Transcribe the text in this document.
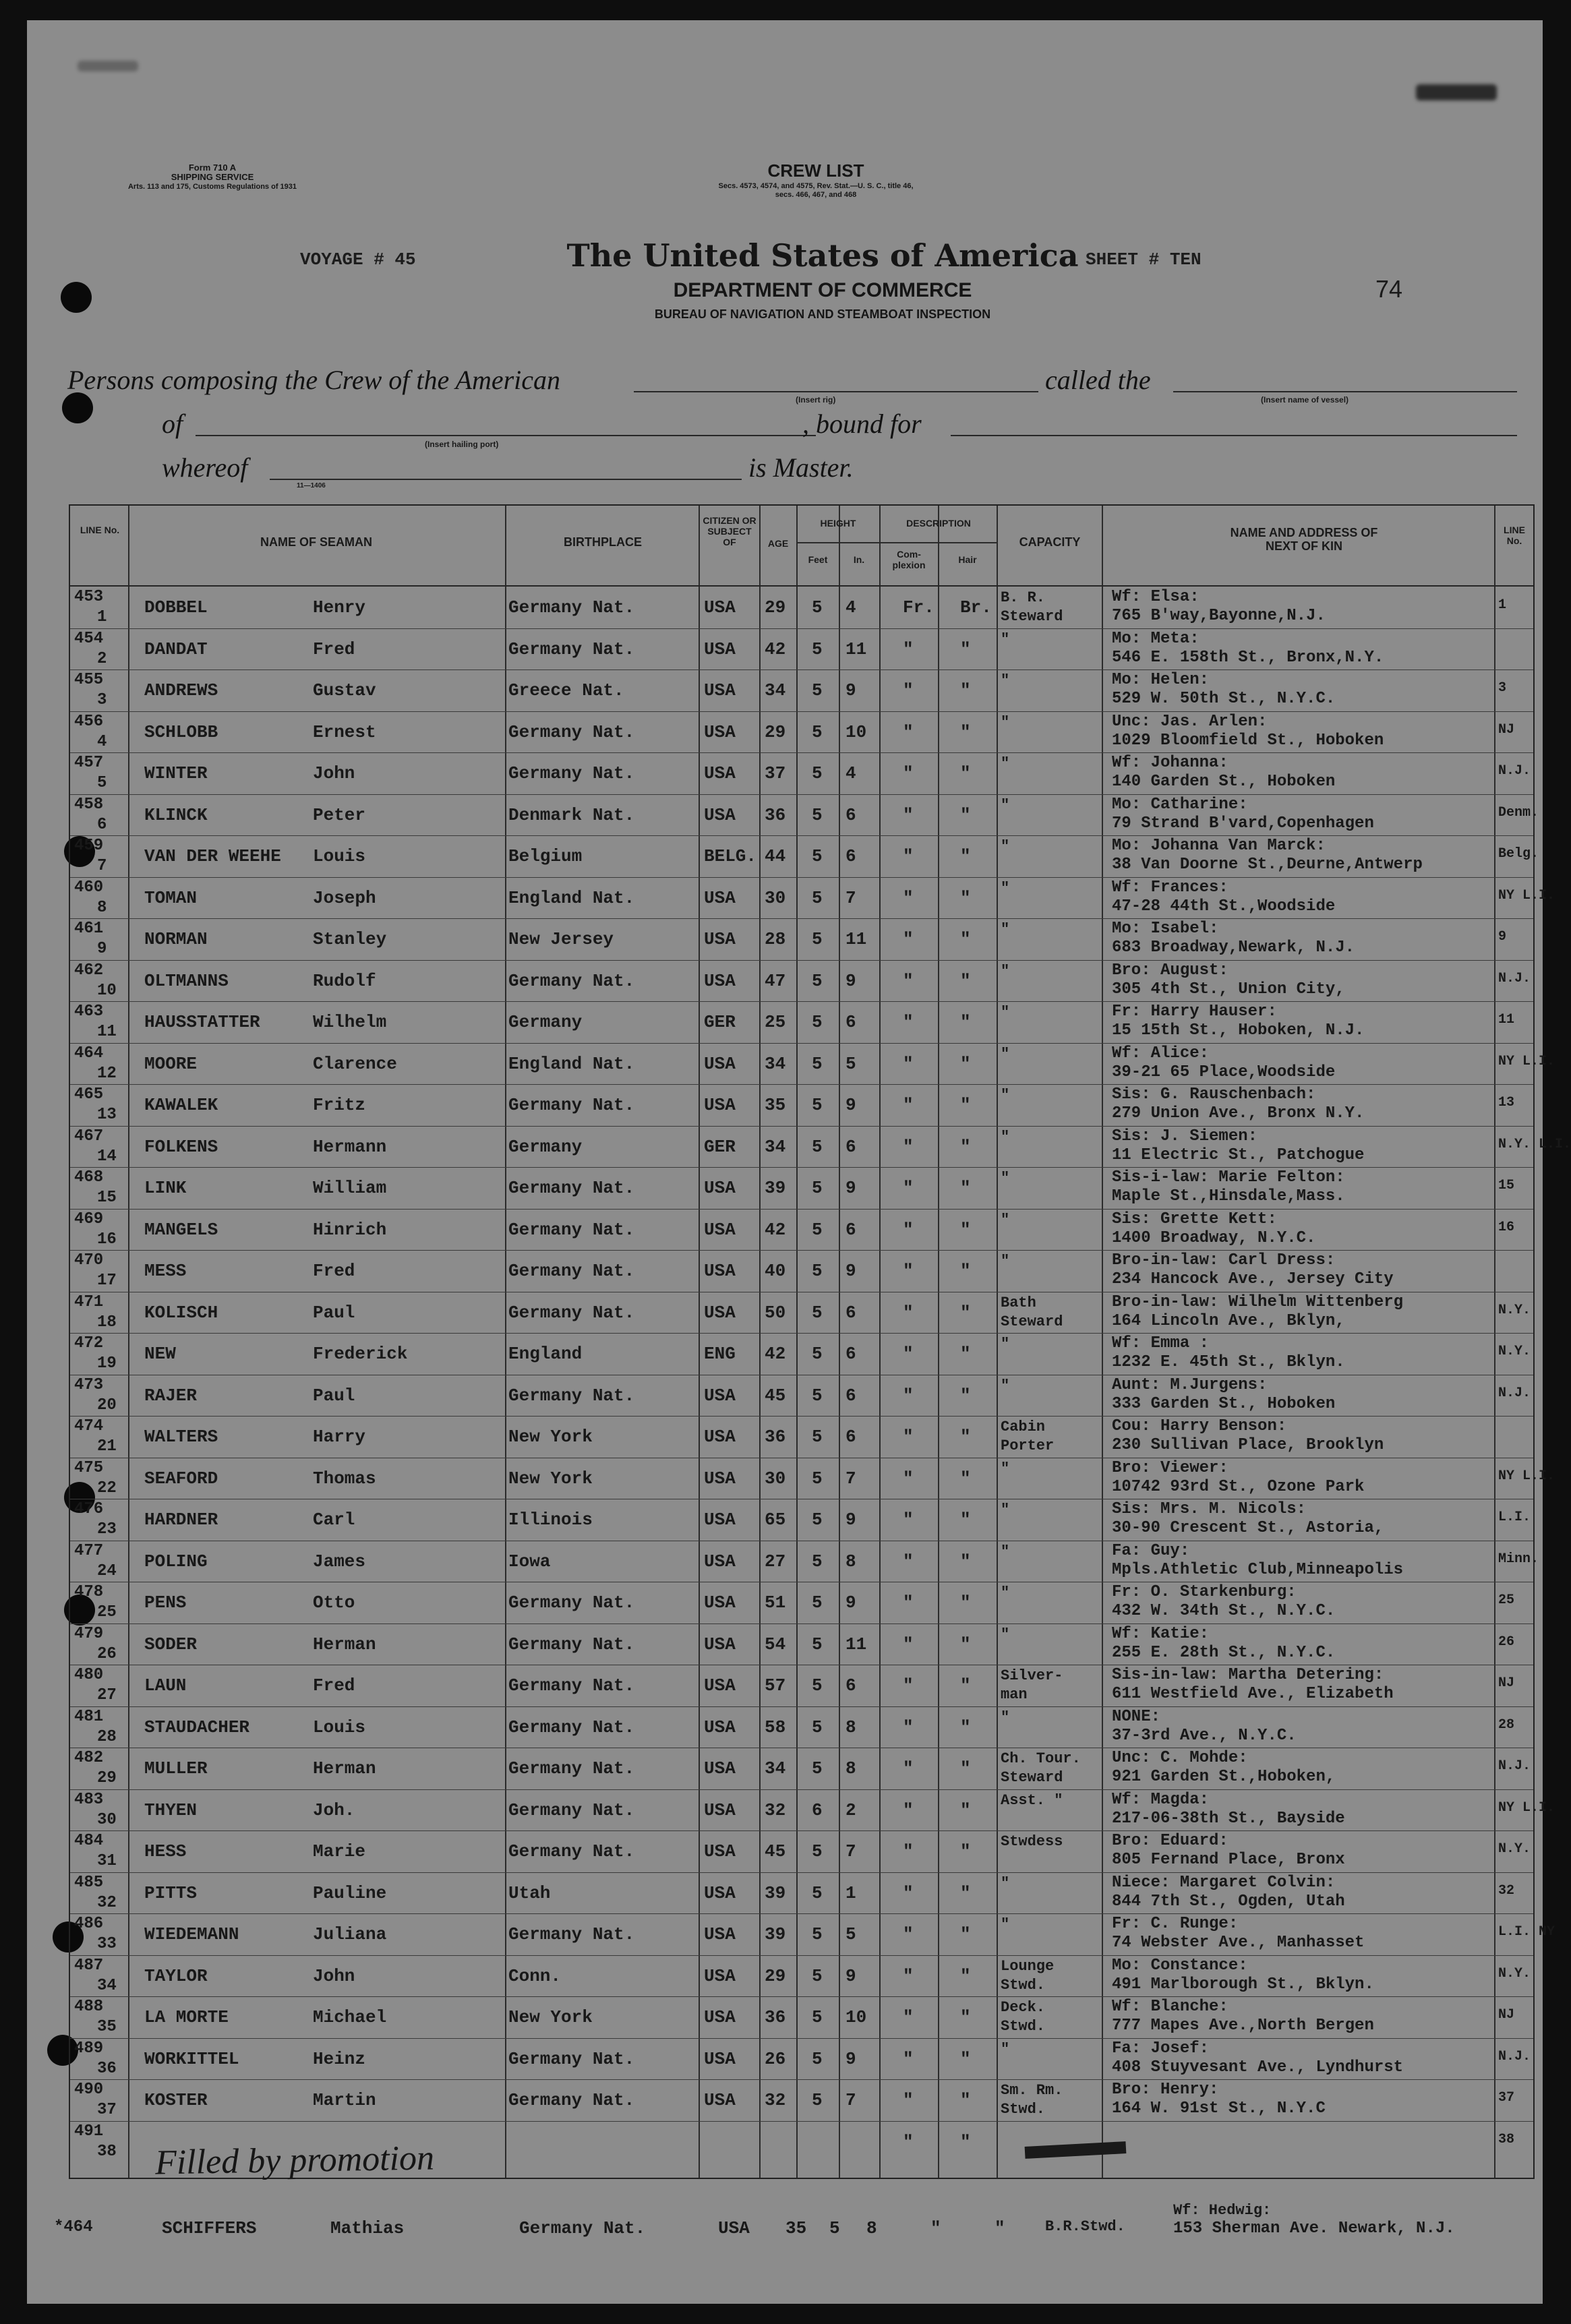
Form 710 A
SHIPPING SERVICE
Arts. 113 and 175, Customs Regulations of 1931
CREW LIST
Secs. 4573, 4574, and 4575, Rev. Stat.—U. S. C., title 46,
secs. 466, 467, and 468
VOYAGE # 45	The United States of America SHEET # TEN
74
DEPARTMENT OF COMMERCE
BUREAU OF NAVIGATION AND STEAMBOAT INSPECTION
Persons composing the Crew of the American
(Insert rig)
called the
(Insert name of vessel)
of
(Insert hailing port)
, bound for
whereof
11—1406
is Master.
LINE No.
NAME OF SEAMAN	BIRTHPLACE
CITIZEN OR SUBJECT OF	AGE
HEIGHT
Feet	In.
DESCRIPTION
Com- plexion	Hair
CAPACITY
NAME AND ADDRESS OF NEXT OF KIN
LINE No.
453
1 DOBBEL	Henry	Germany Nat.	USA 29 5 4	Fr. Br. B. R.
Steward
Wf: Elsa:
765 B'way,Bayonne,N.J.
1
454
2 DANDAT	Fred	Germany Nat.	USA 42 5 11 "	" "	Mo: Meta:
546 E. 158th St., Bronx,N.Y.
455
3 ANDREWS	Gustav	Greece Nat.	USA 34 5 9	"	" "	Mo: Helen:
529 W. 50th St., N.Y.C.
3
456
4 SCHLOBB	Ernest	Germany Nat.	USA 29 5 10 "	" "	Unc: Jas. Arlen:
1029 Bloomfield St., Hoboken
NJ
457
5 WINTER	John	Germany Nat.	USA 37 5 4	"	" "	Wf: Johanna:
140 Garden St., Hoboken
N.J.
458
6 KLINCK	Peter	Denmark Nat.	USA 36 5 6	"	" "	Mo: Catharine:
79 Strand B'vard,Copenhagen
Denm.
459
7 VAN DER WEEHE Louis	Belgium	BELG. 44 5 6	"	" "	Mo: Johanna Van Marck:
38 Van Doorne St.,Deurne,Antwerp
Belg.
460
8 TOMAN	Joseph	England Nat.	USA 30 5 7	"	" "	Wf: Frances:
47-28 44th St.,Woodside
NY L.I.
461
9 NORMAN	Stanley	New Jersey	USA 28 5 11 "	" "	Mo: Isabel:
683 Broadway,Newark, N.J.
9
462
10 OLTMANNS	Rudolf	Germany Nat.	USA 47 5 9	"	" "	Bro: August:
305 4th St., Union City,
N.J.
463
11 HAUSSTATTER	Wilhelm	Germany	GER 25 5 6	"	" "	Fr: Harry Hauser:
15 15th St., Hoboken, N.J.
11
464
12 MOORE	Clarence	England Nat.	USA 34 5 5	"	" "	Wf: Alice:
39-21 65 Place,Woodside
NY L.I.
465
13 KAWALEK	Fritz	Germany Nat.	USA 35 5 9	"	" "	Sis: G. Rauschenbach:
279 Union Ave., Bronx N.Y.
13
467
14 FOLKENS	Hermann	Germany	GER 34 5 6	"	" "	Sis: J. Siemen:
11 Electric St., Patchogue
N.Y. L.I.
468
15 LINK	William	Germany Nat.	USA 39 5 9	"	" "	Sis-i-law: Marie Felton:
Maple St.,Hinsdale,Mass.
15
469
16 MANGELS	Hinrich	Germany Nat.	USA 42 5 6	"	" "	Sis: Grette Kett:
1400 Broadway, N.Y.C.
16
470
17 MESS	Fred	Germany Nat.	USA 40 5 9	"	" "	Bro-in-law: Carl Dress:
234 Hancock Ave., Jersey City
471
18 KOLISCH	Paul	Germany Nat.	USA 50 5 6	"	" Bath
Steward
Bro-in-law: Wilhelm Wittenberg
164 Lincoln Ave., Bklyn,
N.Y.
472
19 NEW	Frederick	England	ENG 42 5 6	"	" "	Wf: Emma :
1232 E. 45th St., Bklyn.
N.Y.
473
20 RAJER	Paul	Germany Nat.	USA 45 5 6	"	" "	Aunt: M.Jurgens:
333 Garden St., Hoboken
N.J.
474
21 WALTERS	Harry	New York	USA 36 5 6	"	" Cabin
Porter
Cou: Harry Benson:
230 Sullivan Place, Brooklyn
475
22 SEAFORD	Thomas	New York	USA 30 5 7	"	" "	Bro: Viewer:
10742 93rd St., Ozone Park
NY L.I.
476
23 HARDNER	Carl	Illinois	USA 65 5 9	"	" "	Sis: Mrs. M. Nicols:
30-90 Crescent St., Astoria,
L.I.
477
24 POLING	James	Iowa	USA 27 5 8	"	" "	Fa: Guy:
Mpls.Athletic Club,Minneapolis
Minn.
478
25 PENS	Otto	Germany Nat.	USA 51 5 9	"	" "	Fr: O. Starkenburg:
432 W. 34th St., N.Y.C.
25
479
26 SODER	Herman	Germany Nat.	USA 54 5 11 "	" "	Wf: Katie:
255 E. 28th St., N.Y.C.
26
480
27 LAUN	Fred	Germany Nat.	USA 57 5 6	"	" Silver-
man
Sis-in-law: Martha Detering:
611 Westfield Ave., Elizabeth
NJ
481
28 STAUDACHER	Louis	Germany Nat.	USA 58 5 8	"	" "	NONE:
37-3rd Ave., N.Y.C.
28
482
29 MULLER	Herman	Germany Nat.	USA 34 5 8	"	" Ch. Tour.
Steward
Unc: C. Mohde:
921 Garden St.,Hoboken,
N.J.
483
30 THYEN	Joh.	Germany Nat.	USA 32 6 2	"	" Asst. "	Wf: Magda:
217-06-38th St., Bayside
NY L.I.
484
31 HESS	Marie	Germany Nat.	USA 45 5 7	"	" Stwdess	Bro: Eduard:
805 Fernand Place, Bronx
N.Y.
485
32 PITTS	Pauline	Utah	USA 39 5 1	"	" "	Niece: Margaret Colvin:
844 7th St., Ogden, Utah
32
486
33 WIEDEMANN	Juliana	Germany Nat.	USA 39 5 5	"	" "	Fr: C. Runge:
74 Webster Ave., Manhasset
L.I. NY
487
34 TAYLOR	John	Conn.	USA 29 5 9	"	" Lounge
Stwd.
Mo: Constance:
491 Marlborough St., Bklyn.
N.Y.
488
35 LA MORTE	Michael	New York	USA 36 5 10 "	" Deck.
Stwd.
Wf: Blanche:
777 Mapes Ave.,North Bergen
NJ
489
36 WORKITTEL	Heinz	Germany Nat.	USA 26 5 9	"	" "	Fa: Josef:
408 Stuyvesant Ave., Lyndhurst
N.J.
490
37 KOSTER	Martin	Germany Nat.	USA 32 5 7	"	" Sm. Rm.
Stwd.
Bro: Henry:
164 W. 91st St., N.Y.C
37
491
38	"	"	38
Filled by promotion
*464	SCHIFFERS	Mathias	Germany Nat.	USA 35 5 8	"	"	B.R.Stwd.
Wf: Hedwig:
153 Sherman Ave. Newark, N.J.
